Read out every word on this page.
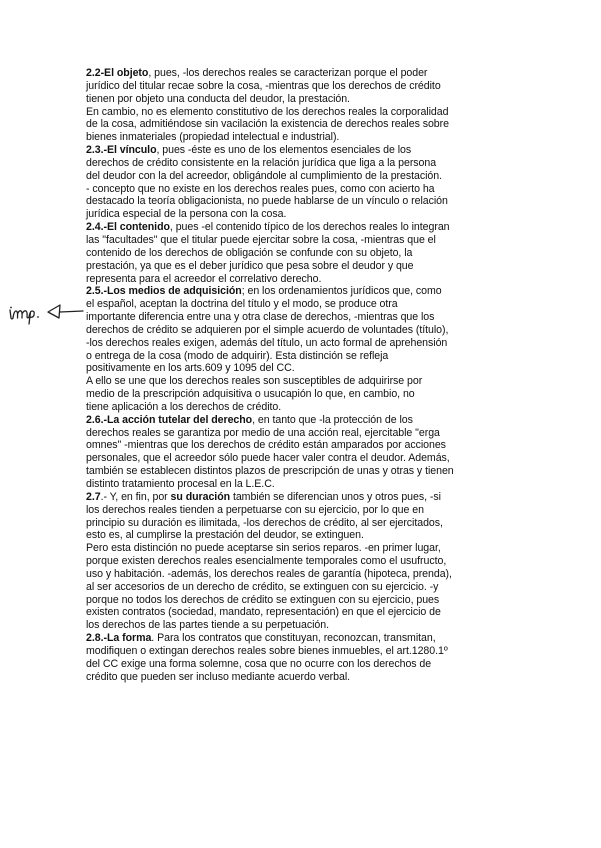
2.2-El objeto, pues, -los derechos reales se caracterizan porque el poder
jurídico del titular recae sobre la cosa, -mientras que los derechos de crédito
tienen por objeto una conducta del deudor, la prestación.
En cambio, no es elemento constitutivo de los derechos reales la corporalidad
de la cosa, admitiéndose sin vacilación la existencia de derechos reales sobre
bienes inmateriales (propiedad intelectual e industrial).
2.3.-El vínculo, pues -éste es uno de los elementos esenciales de los
derechos de crédito consistente en la relación jurídica que liga a la persona
del deudor con la del acreedor, obligándole al cumplimiento de la prestación.
- concepto que no existe en los derechos reales pues, como con acierto ha
destacado la teoría obligacionista, no puede hablarse de un vínculo o relación
jurídica especial de la persona con la cosa.
2.4.-El contenido, pues -el contenido típico de los derechos reales lo integran
las "facultades" que el titular puede ejercitar sobre la cosa, -mientras que el
contenido de los derechos de obligación se confunde con su objeto, la
prestación, ya que es el deber jurídico que pesa sobre el deudor y que
representa para el acreedor el correlativo derecho.
2.5.-Los medios de adquisición; en los ordenamientos jurídicos que, como
el español, aceptan la doctrina del título y el modo, se produce otra
importante diferencia entre una y otra clase de derechos, -mientras que los
derechos de crédito se adquieren por el simple acuerdo de voluntades (título),
-los derechos reales exigen, además del título, un acto formal de aprehensión
o entrega de la cosa (modo de adquirir). Esta distinción se refleja
positivamente en los arts.609 y 1095 del CC.
A ello se une que los derechos reales son susceptibles de adquirirse por
medio de la prescripción adquisitiva o usucapión lo que, en cambio, no
tiene aplicación a los derechos de crédito.
2.6.-La acción tutelar del derecho, en tanto que -la protección de los
derechos reales se garantiza por medio de una acción real, ejercitable "erga
omnes" -mientras que los derechos de crédito están amparados por acciones
personales, que el acreedor sólo puede hacer valer contra el deudor. Además,
también se establecen distintos plazos de prescripción de unas y otras y tienen
distinto tratamiento procesal en la L.E.C.
2.7.- Y, en fin, por su duración también se diferencian unos y otros pues, -si
los derechos reales tienden a perpetuarse con su ejercicio, por lo que en
principio su duración es ilimitada, -los derechos de crédito, al ser ejercitados,
esto es, al cumplirse la prestación del deudor, se extinguen.
Pero esta distinción no puede aceptarse sin serios reparos. -en primer lugar,
porque existen derechos reales esencialmente temporales como el usufructo,
uso y habitación. -además, los derechos reales de garantía (hipoteca, prenda),
al ser accesorios de un derecho de crédito, se extinguen con su ejercicio. -y
porque no todos los derechos de crédito se extinguen con su ejercicio, pues
existen contratos (sociedad, mandato, representación) en que el ejercicio de
los derechos de las partes tiende a su perpetuación.
2.8.-La forma. Para los contratos que constituyan, reconozcan, transmitan,
modifiquen o extingan derechos reales sobre bienes inmuebles, el art.1280.1º
del CC exige una forma solemne, cosa que no ocurre con los derechos de
crédito que pueden ser incluso mediante acuerdo verbal.
